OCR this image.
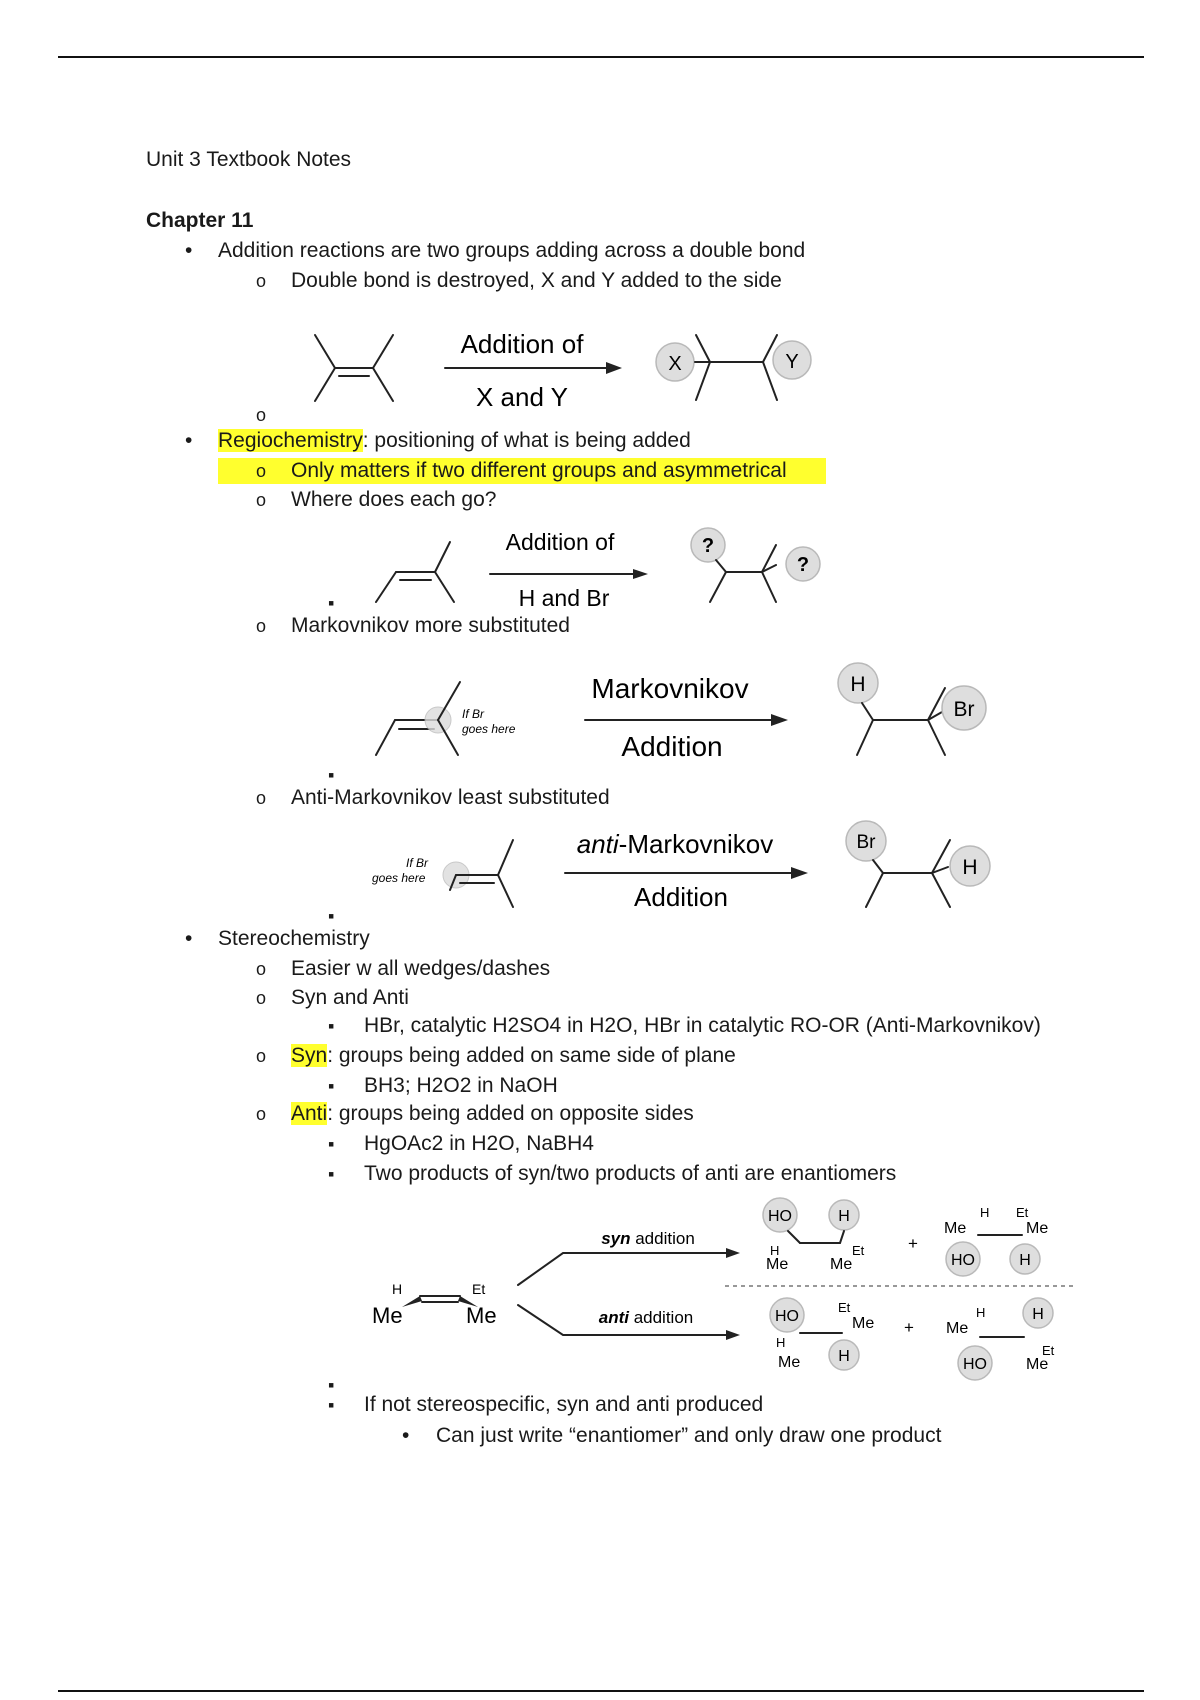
Unit 3 Textbook Notes
Chapter 11
•
Addition reactions are two groups adding across a double bond
o
Double bond is destroyed, X and Y added to the side
Addition of
X and Y
X	Y
o
•
Regiochemistry: positioning of what is being added
o
Only matters if two different groups and asymmetrical
o
Where does each go?
Addition of
H and Br
?
?
▪
o
Markovnikov more substituted
If Br
goes here
Markovnikov
Addition
H
Br
▪
o
Anti-Markovnikov least substituted
If Br
goes here
anti-Markovnikov
Addition
Br
H
▪
•
Stereochemistry
o
Easier w all wedges/dashes
o
Syn and Anti
▪
HBr, catalytic H2SO4 in H2O, HBr in catalytic RO-OR (Anti-Markovnikov)
o
Syn: groups being added on same side of plane
▪
BH3; H2O2 in NaOH
o
Anti: groups being added on opposite sides
▪
HgOAc2 in H2O, NaBH4
▪
Two products of syn/two products of anti are enantiomers
H	Et
Me	Me
syn addition
anti addition
HO	H
H	Et
Me	Me
+
Me
H Et
Me
HO	H
HO
Et
Me
H
Me H
+ Me
H	H
HO
Et
Me
▪
▪
If not stereospecific, syn and anti produced
•
Can just write “enantiomer” and only draw one product
